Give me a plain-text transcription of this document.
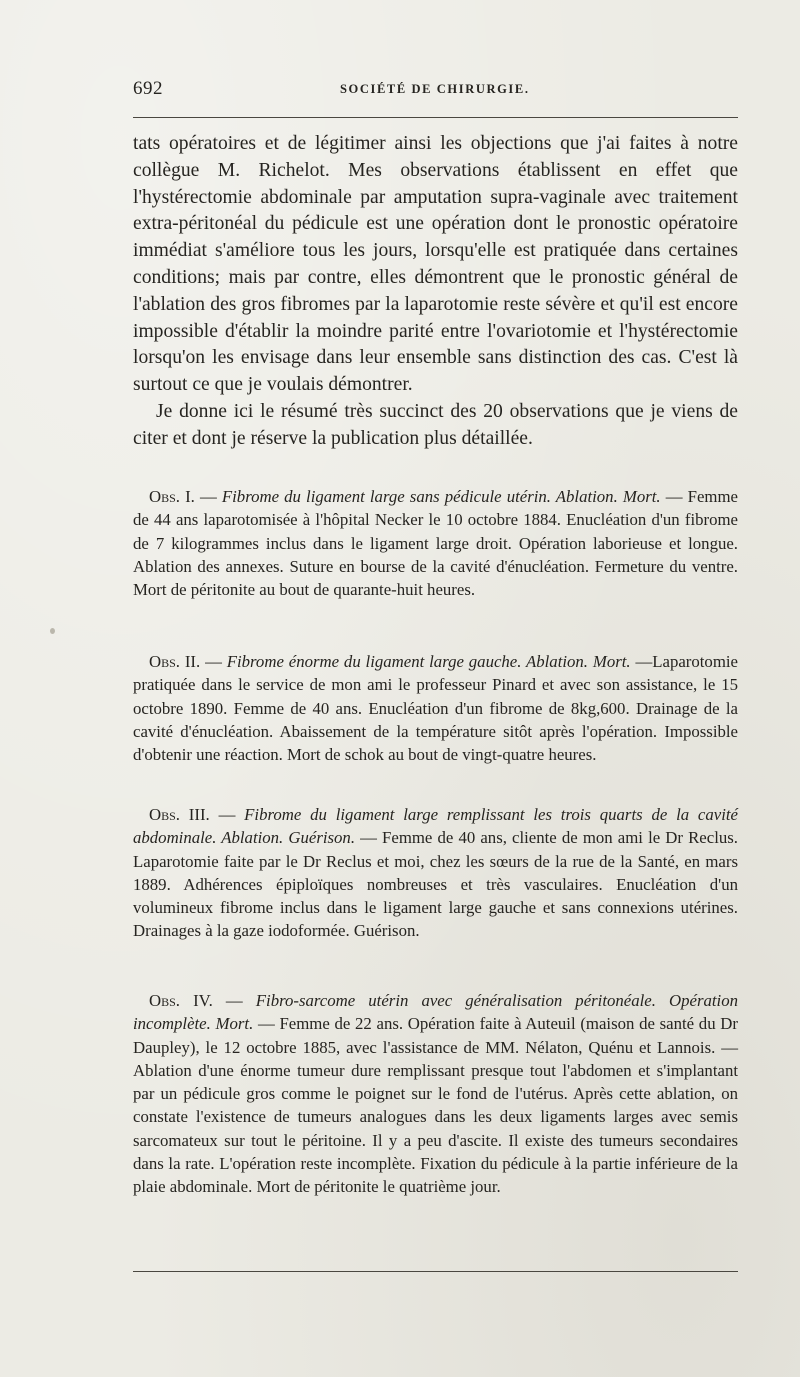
692	SOCIÉTÉ DE CHIRURGIE.

tats opératoires et de légitimer ainsi les objections que j'ai faites à notre collègue M. Richelot. Mes observations établissent en effet que l'hystérectomie abdominale par amputation supra-vaginale avec traitement extra-péritonéal du pédicule est une opération dont le pronostic opératoire immédiat s'améliore tous les jours, lorsqu'elle est pratiquée dans certaines conditions; mais par contre, elles démontrent que le pronostic général de l'ablation des gros fibromes par la laparotomie reste sévère et qu'il est encore impossible d'établir la moindre parité entre l'ovariotomie et l'hystérectomie lorsqu'on les envisage dans leur ensemble sans distinction des cas. C'est là surtout ce que je voulais démontrer.

Je donne ici le résumé très succinct des 20 observations que je viens de citer et dont je réserve la publication plus détaillée.

Obs. I. — Fibrome du ligament large sans pédicule utérin. Ablation. Mort. — Femme de 44 ans laparotomisée à l'hôpital Necker le 10 octobre 1884. Enucléation d'un fibrome de 7 kilogrammes inclus dans le ligament large droit. Opération laborieuse et longue. Ablation des annexes. Suture en bourse de la cavité d'énucléation. Fermeture du ventre. Mort de péritonite au bout de quarante-huit heures.

Obs. II. — Fibrome énorme du ligament large gauche. Ablation. Mort. —Laparotomie pratiquée dans le service de mon ami le professeur Pinard et avec son assistance, le 15 octobre 1890. Femme de 40 ans. Enucléation d'un fibrome de 8kg,600. Drainage de la cavité d'énucléation. Abaissement de la température sitôt après l'opération. Impossible d'obtenir une réaction. Mort de schok au bout de vingt-quatre heures.

Obs. III. — Fibrome du ligament large remplissant les trois quarts de la cavité abdominale. Ablation. Guérison. — Femme de 40 ans, cliente de mon ami le Dr Reclus. Laparotomie faite par le Dr Reclus et moi, chez les sœurs de la rue de la Santé, en mars 1889. Adhérences épiploïques nombreuses et très vasculaires. Enucléation d'un volumineux fibrome inclus dans le ligament large gauche et sans connexions utérines. Drainages à la gaze iodoformée. Guérison.

Obs. IV. — Fibro-sarcome utérin avec généralisation péritonéale. Opération incomplète. Mort. — Femme de 22 ans. Opération faite à Auteuil (maison de santé du Dr Daupley), le 12 octobre 1885, avec l'assistance de MM. Nélaton, Quénu et Lannois. — Ablation d'une énorme tumeur dure remplissant presque tout l'abdomen et s'implantant par un pédicule gros comme le poignet sur le fond de l'utérus. Après cette ablation, on constate l'existence de tumeurs analogues dans les deux ligaments larges avec semis sarcomateux sur tout le péritoine. Il y a peu d'ascite. Il existe des tumeurs secondaires dans la rate. L'opération reste incomplète. Fixation du pédicule à la partie inférieure de la plaie abdominale. Mort de péritonite le quatrième jour.
